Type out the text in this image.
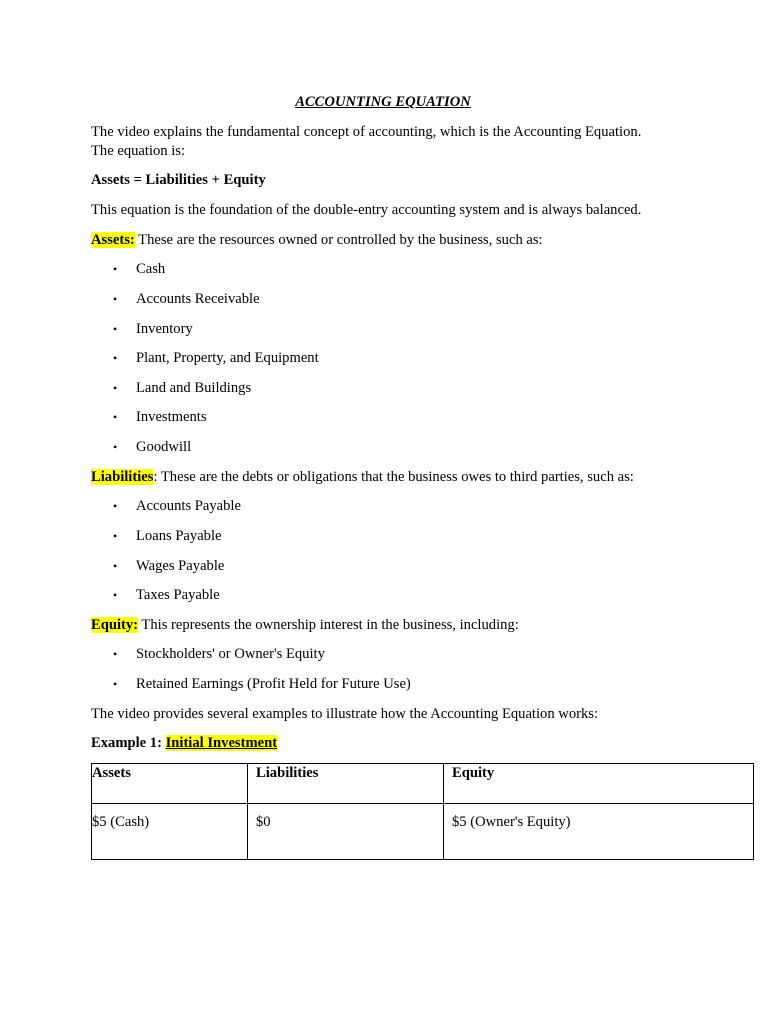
ACCOUNTING EQUATION
The video explains the fundamental concept of accounting, which is the Accounting Equation.
The equation is:
Assets = Liabilities + Equity
This equation is the foundation of the double-entry accounting system and is always balanced.
Assets: These are the resources owned or controlled by the business, such as:
• Cash
• Accounts Receivable
• Inventory
• Plant, Property, and Equipment
• Land and Buildings
• Investments
• Goodwill
Liabilities: These are the debts or obligations that the business owes to third parties, such as:
• Accounts Payable
• Loans Payable
• Wages Payable
• Taxes Payable
Equity: This represents the ownership interest in the business, including:
• Stockholders' or Owner's Equity
• Retained Earnings (Profit Held for Future Use)
The video provides several examples to illustrate how the Accounting Equation works:
Example 1: Initial Investment
Assets	Liabilities	Equity
$5 (Cash)	$0	$5 (Owner's Equity)
